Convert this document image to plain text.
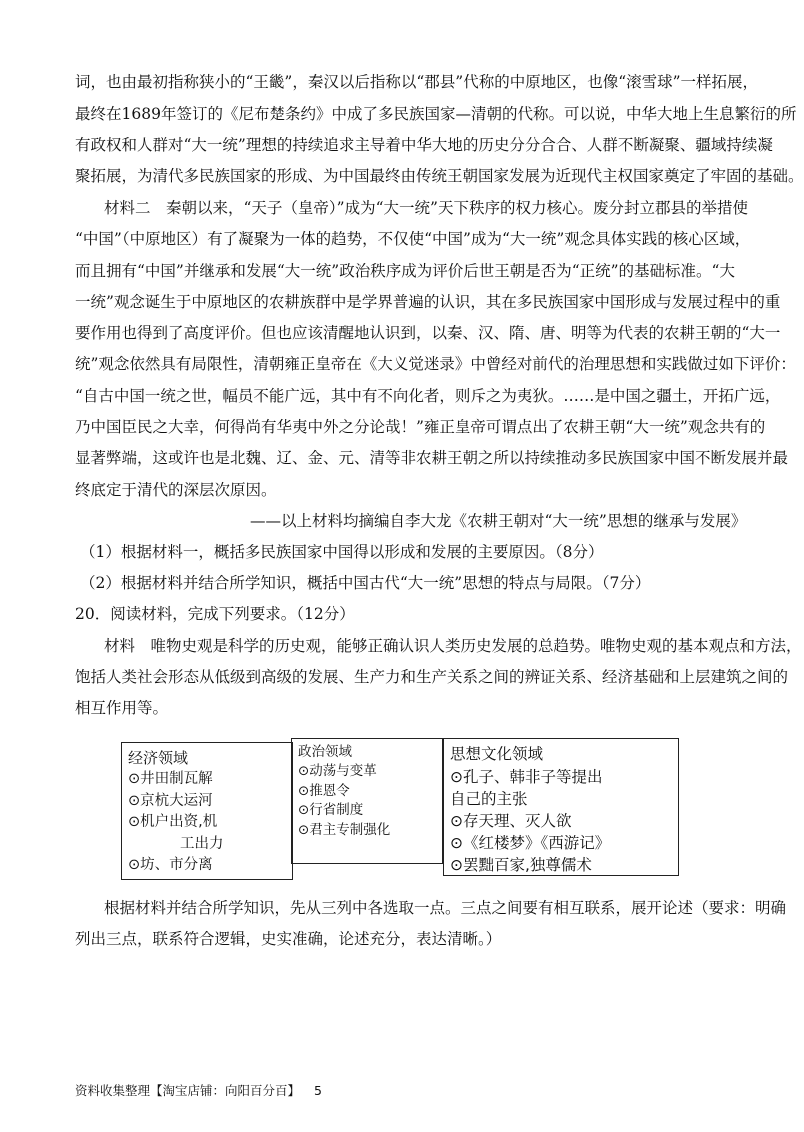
词，也由最初指称狭小的“王畿”，秦汉以后指称以“郡县”代称的中原地区，也像“滚雪球”一样拓展，
最终在1689年签订的《尼布楚条约》中成了多民族国家—清朝的代称。可以说，中华大地上生息繁衍的所
有政权和人群对“大一统”理想的持续追求主导着中华大地的历史分分合合、人群不断凝聚、疆域持续凝
聚拓展，为清代多民族国家的形成、为中国最终由传统王朝国家发展为近现代主权国家奠定了牢固的基础。
材料二　秦朝以来，“天子（皇帝）”成为“大一统”天下秩序的权力核心。废分封立郡县的举措使
“中国”（中原地区）有了凝聚为一体的趋势，不仅使“中国”成为“大一统”观念具体实践的核心区域，
而且拥有“中国”并继承和发展“大一统”政治秩序成为评价后世王朝是否为“正统”的基础标准。“大
一统”观念诞生于中原地区的农耕族群中是学界普遍的认识，其在多民族国家中国形成与发展过程中的重
要作用也得到了高度评价。但也应该清醒地认识到，以秦、汉、隋、唐、明等为代表的农耕王朝的“大一
统”观念依然具有局限性，清朝雍正皇帝在《大义觉迷录》中曾经对前代的治理思想和实践做过如下评价：
“自古中国一统之世，幅员不能广远，其中有不向化者，则斥之为夷狄。……是中国之疆土，开拓广远，
乃中国臣民之大幸，何得尚有华夷中外之分论哉！”雍正皇帝可谓点出了农耕王朝“大一统”观念共有的
显著弊端，这或许也是北魏、辽、金、元、清等非农耕王朝之所以持续推动多民族国家中国不断发展并最
终底定于清代的深层次原因。
——以上材料均摘编自李大龙《农耕王朝对“大一统”思想的继承与发展》
（1）根据材料一，概括多民族国家中国得以形成和发展的主要原因。（8分）
（2）根据材料并结合所学知识，概括中国古代“大一统”思想的特点与局限。（7分）
20．阅读材料，完成下列要求。（12分）
材料　唯物史观是科学的历史观，能够正确认识人类历史发展的总趋势。唯物史观的基本观点和方法，
饱括人类社会形态从低级到高级的发展、生产力和生产关系之间的辨证关系、经济基础和上层建筑之间的
相互作用等。
经济领域
⊙井田制瓦解
⊙京杭大运河
⊙机户出资,机
工出力
⊙坊、市分离
政治领域
⊙动荡与变革
⊙推恩令
⊙行省制度
⊙君主专制强化
思想文化领域
⊙孔子、韩非子等提出
自己的主张
⊙存天理、灭人欲
⊙《红楼梦》《西游记》
⊙罢黜百家,独尊儒术
根据材料并结合所学知识，先从三列中各选取一点。三点之间要有相互联系，展开论述（要求：明确
列出三点，联系符合逻辑，史实准确，论述充分，表达清晰。）
资料收集整理【淘宝店铺：向阳百分百】 5
